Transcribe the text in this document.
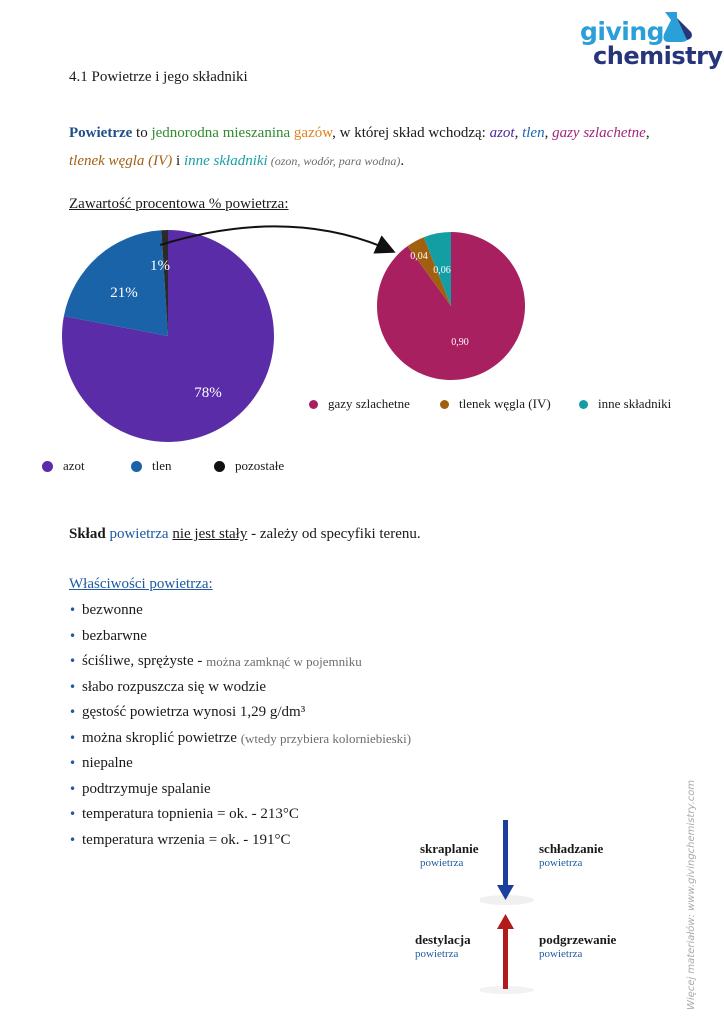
giving
chemistry
4.1 Powietrze i jego składniki
Powietrze to jednorodna mieszanina gazów, w której skład wchodzą: azot, tlen, gazy szlachetne,
tlenek węgla (IV) i inne składniki (ozon, wodór, para wodna).
Zawartość procentowa % powietrza:
78%
21%
1%
0,90
0,04
0,06
azot	tlen	pozostałe
gazy szlachetne	tlenek węgla (IV)	inne składniki
Skład powietrza nie jest stały - zależy od specyfiki terenu.
Właściwości powietrza:
• bezwonne
• bezbarwne
• ściśliwe, sprężyste - można zamknąć w pojemniku
• słabo rozpuszcza się w wodzie
• gęstość powietrza wynosi 1,29 g/dm³
• można skroplić powietrze (wtedy przybiera kolor niebieski )
• niepalne
• podtrzymuje spalanie
• temperatura topnienia = ok. - 213°C
• temperatura wrzenia = ok. - 191°C
skraplanie
powietrza
schładzanie
powietrza
destylacja
powietrza
podgrzewanie
powietrza	Więcej materiałów: www.givingchemistry.com
